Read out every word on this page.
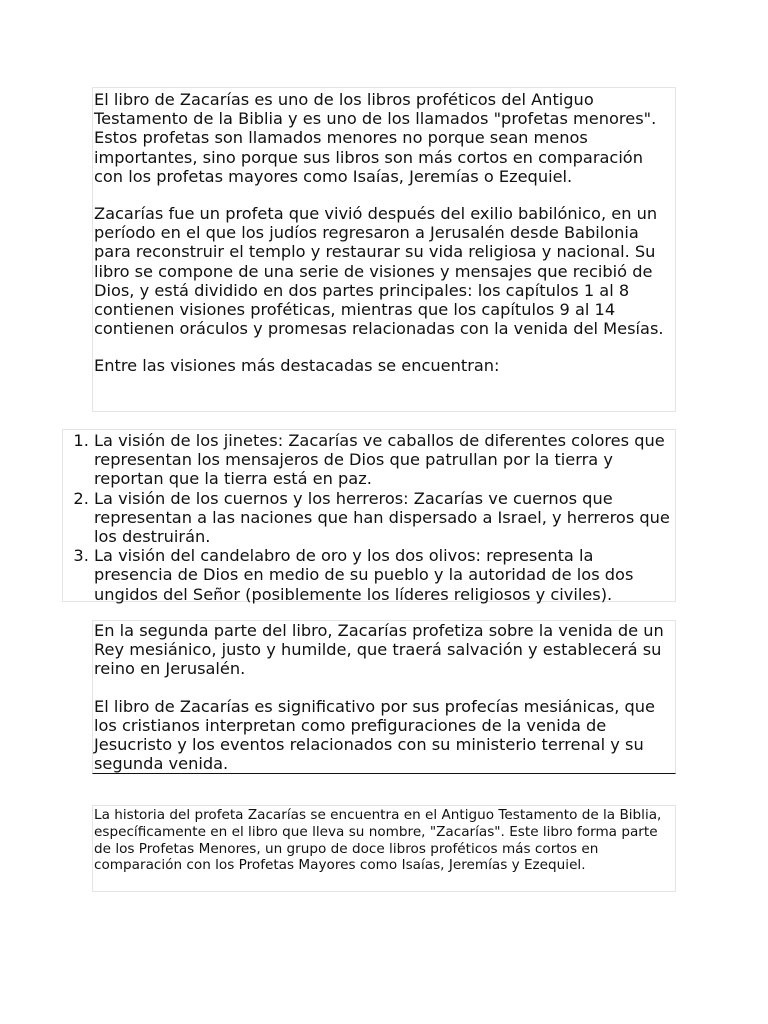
El libro de Zacarías es uno de los libros proféticos del Antiguo Testamento de la Biblia y es uno de los llamados "profetas menores". Estos profetas son llamados menores no porque sean menos importantes, sino porque sus libros son más cortos en comparación con los profetas mayores como Isaías, Jeremías o Ezequiel.

Zacarías fue un profeta que vivió después del exilio babilónico, en un período en el que los judíos regresaron a Jerusalén desde Babilonia para reconstruir el templo y restaurar su vida religiosa y nacional. Su libro se compone de una serie de visiones y mensajes que recibió de Dios, y está dividido en dos partes principales: los capítulos 1 al 8 contienen visiones proféticas, mientras que los capítulos 9 al 14 contienen oráculos y promesas relacionadas con la venida del Mesías.

Entre las visiones más destacadas se encuentran:

1. La visión de los jinetes: Zacarías ve caballos de diferentes colores que representan los mensajeros de Dios que patrullan por la tierra y reportan que la tierra está en paz.
2. La visión de los cuernos y los herreros: Zacarías ve cuernos que representan a las naciones que han dispersado a Israel, y herreros que los destruirán.
3. La visión del candelabro de oro y los dos olivos: representa la presencia de Dios en medio de su pueblo y la autoridad de los dos ungidos del Señor (posiblemente los líderes religiosos y civiles).

En la segunda parte del libro, Zacarías profetiza sobre la venida de un Rey mesiánico, justo y humilde, que traerá salvación y establecerá su reino en Jerusalén.

El libro de Zacarías es significativo por sus profecías mesiánicas, que los cristianos interpretan como prefiguraciones de la venida de Jesucristo y los eventos relacionados con su ministerio terrenal y su segunda venida.

La historia del profeta Zacarías se encuentra en el Antiguo Testamento de la Biblia, específicamente en el libro que lleva su nombre, "Zacarías". Este libro forma parte de los Profetas Menores, un grupo de doce libros proféticos más cortos en comparación con los Profetas Mayores como Isaías, Jeremías y Ezequiel.
